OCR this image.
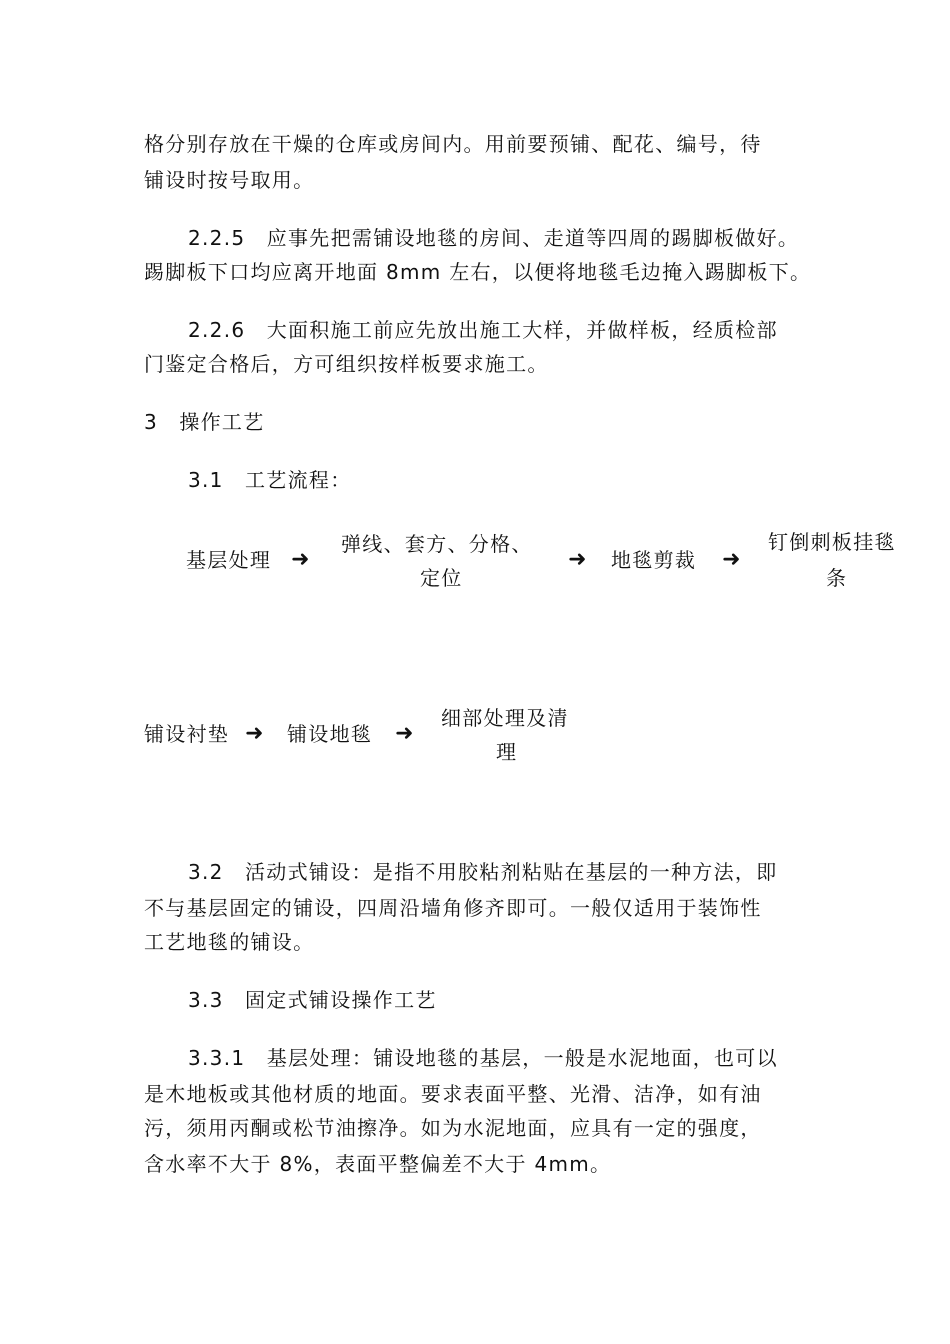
格分别存放在干燥的仓库或房间内。用前要预铺、配花、编号，待
铺设时按号取用。
2.2.5　应事先把需铺设地毯的房间、走道等四周的踢脚板做好。
踢脚板下口均应离开地面 8mm 左右，以便将地毯毛边掩入踢脚板下。
2.2.6　大面积施工前应先放出施工大样，并做样板，经质检部
门鉴定合格后，方可组织按样板要求施工。
3　操作工艺
3.1　工艺流程：
基层处理 ➜
弹线、套方、分格、
定位
➜ 地毯剪裁 ➜
钉倒刺板挂毯
条
铺设衬垫 ➜ 铺设地毯 ➜
细部处理及清
理
3.2　活动式铺设：是指不用胶粘剂粘贴在基层的一种方法，即
不与基层固定的铺设，四周沿墙角修齐即可。一般仅适用于装饰性
工艺地毯的铺设。
3.3　固定式铺设操作工艺
3.3.1　基层处理：铺设地毯的基层，一般是水泥地面，也可以
是木地板或其他材质的地面。要求表面平整、光滑、洁净，如有油
污，须用丙酮或松节油擦净。如为水泥地面，应具有一定的强度，
含水率不大于 8%，表面平整偏差不大于 4mm。
